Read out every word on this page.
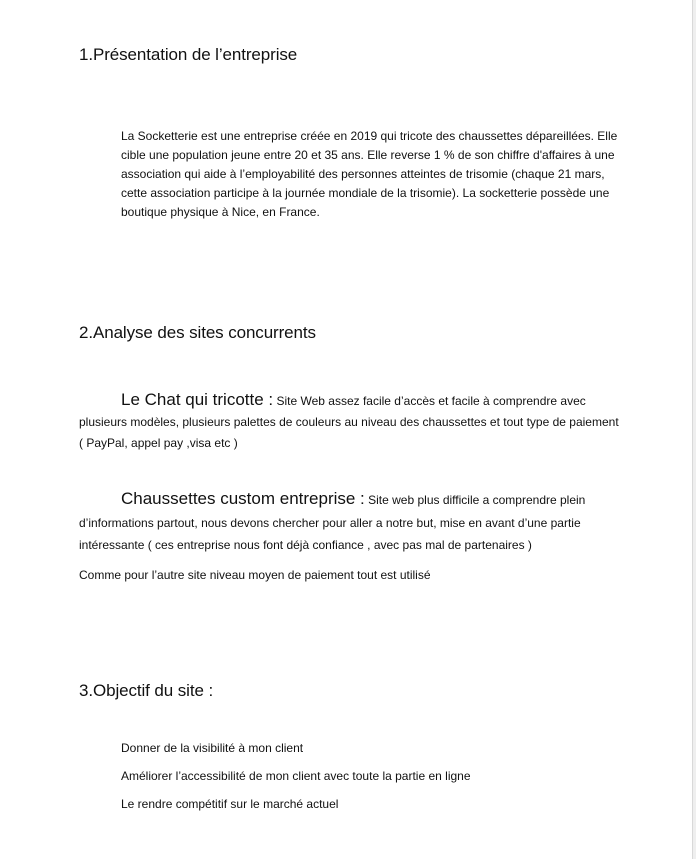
1.Présentation de l’entreprise

La Socketterie est une entreprise créée en 2019 qui tricote des chaussettes dépareillées. Elle cible une population jeune entre 20 et 35 ans. Elle reverse 1 % de son chiffre d'affaires à une association qui aide à l’employabilité des personnes atteintes de trisomie (chaque 21 mars, cette association participe à la journée mondiale de la trisomie). La socketterie possède une boutique physique à Nice, en France.

2.Analyse des sites concurrents

Le Chat qui tricotte : Site Web assez facile d’accès et facile à comprendre avec plusieurs modèles, plusieurs palettes de couleurs au niveau des chaussettes et tout type de paiement ( PayPal, appel pay ,visa etc )

Chaussettes custom entreprise : Site web plus difficile a comprendre plein d’informations partout, nous devons chercher pour aller a notre but, mise en avant d’une partie intéressante ( ces entreprise nous font déjà confiance , avec pas mal de partenaires )

Comme pour l’autre site niveau moyen de paiement tout est utilisé

3.Objectif du site :

Donner de la visibilité à mon client

Améliorer l’accessibilité de mon client avec toute la partie en ligne

Le rendre compétitif sur le marché actuel
